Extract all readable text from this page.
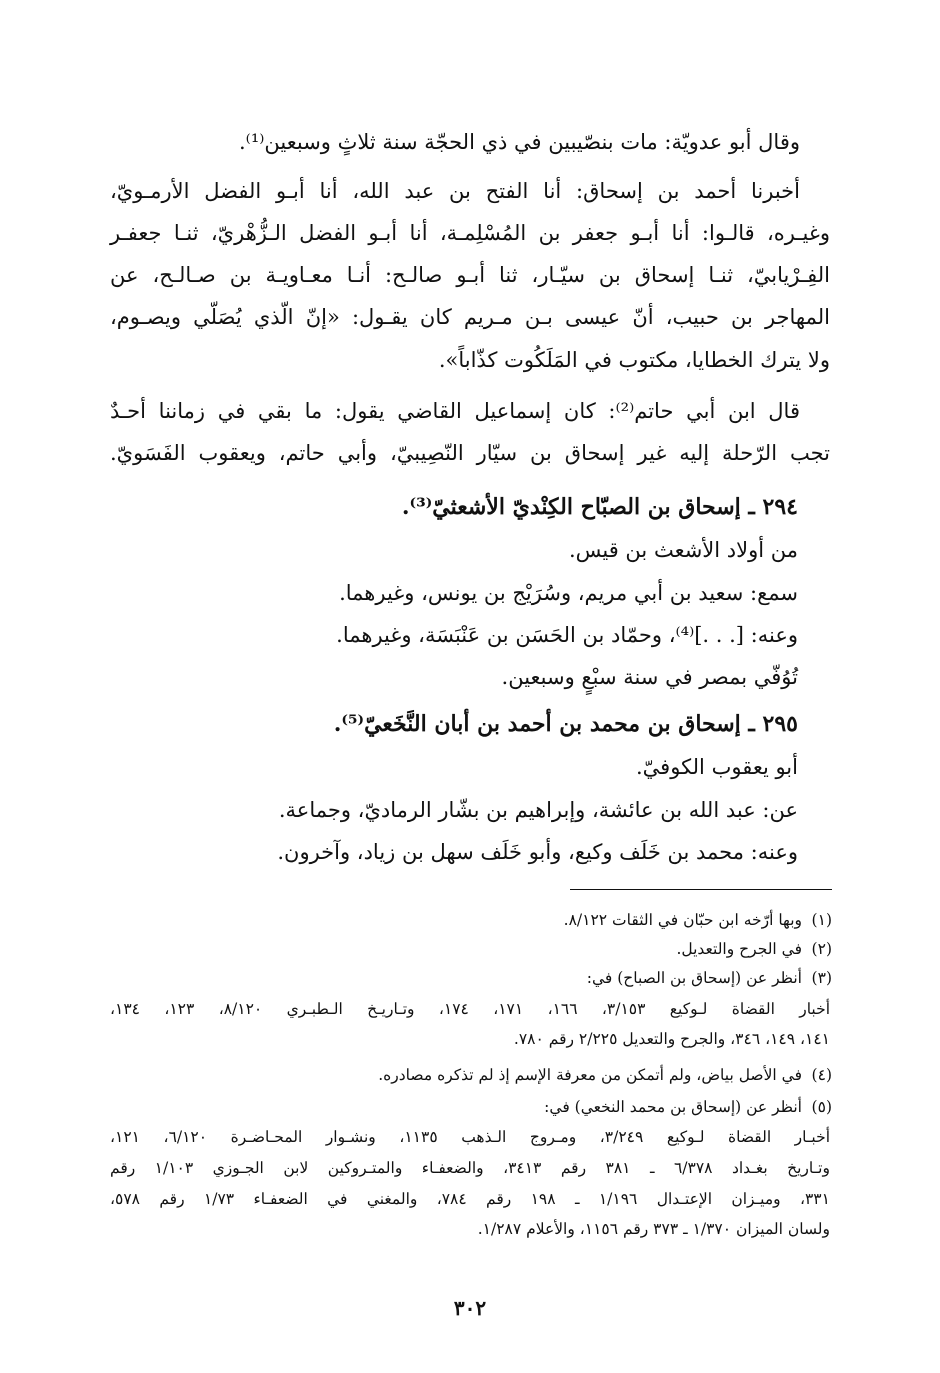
وقال أبو عدويّة: مات بنصّيبين في ذي الحجّة سنة ثلاثٍ وسبعين⁽¹⁾.
أخبرنا أحمد بن إسحاق: أنا الفتح بن عبد الله، أنا أبـو الفضل الأرمـويّ،
وغيـره، قالـوا: أنا أبـو جعفر بن المُسْلِمـة، أنا أبـو الفضل الـزُّهْريّ، ثنـا جعفـر
الفِـرْيابيّ، ثنـا إسحاق بن سيّـار، ثنا أبـو صالـح: أنـا معـاويـة بن صـالـح، عن
المهاجر بن حبيب، أنّ عيسى بـن مـريم كان يقـول: «إنّ الّذي يُصَلّي ويصـوم،
ولا يترك الخطايا، مكتوب في المَلَكُوت كذّاباً».
قال ابن أبي حاتم⁽²⁾: كان إسماعيل القاضي يقول: ما بقي في زماننا أحـدٌ
تجب الرّحلة إليه غير إسحاق بن سيّار النّصِيبيّ، وأبي حاتم، ويعقوب الفَسَويّ.
٢٩٤ ـ إسحاق بن الصبّاح الكِنْديّ الأشعثيّ⁽³⁾.
من أولاد الأشعث بن قيس.
سمع: سعيد بن أبي مريم، وسُرَيْج بن يونس، وغيرهما.
وعنه: [. . .]⁽⁴⁾، وحمّاد بن الحَسَن بن عَنْبَسَة، وغيرهما.
تُوُفّي بمصر في سنة سبْعٍ وسبعين.
٢٩٥ ـ إسحاق بن محمد بن أحمد بن أبان النَّخَعيّ⁽⁵⁾.
أبو يعقوب الكوفيّ.
عن: عبد الله بن عائشة، وإبراهيم بن بشّار الرماديّ، وجماعة.
وعنه: محمد بن خَلَف وكيع، وأبو خَلَف سهل بن زياد، وآخرون.
(١)وبها أرّخه ابن حبّان في الثقات ٨/١٢٢.
(٢)في الجرح والتعديل.
(٣)أنظر عن (إسحاق بن الصباح) في:
أخبار القضاة لـوكيع ٣/١٥٣، ١٦٦، ١٧١، ١٧٤، وتـاريـخ الـطبـري ٨/١٢٠، ١٢٣، ١٣٤،
١٤١، ١٤٩، ٣٤٦، والجرح والتعديل ٢/٢٢٥ رقم ٧٨٠.
(٤)في الأصل بياض، ولم أتمكن من معرفة الإسم إذ لم تذكره مصادره.
(٥)أنظر عن (إسحاق بن محمد النخعي) في:
أخبـار القضاة لـوكيع ٣/٢٤٩، ومـروج الـذهب ١١٣٥، ونشـوار المحـاضـرة ٦/١٢٠، ١٢١،
وتـاريخ بغـداد ٦/٣٧٨ ـ ٣٨١ رقم ٣٤١٣، والضعفـاء والمتـروكين لابن الجـوزي ١/١٠٣ رقم
٣٣١، وميـزان الإعتـدال ١/١٩٦ ـ ١٩٨ رقم ٧٨٤، والمغني في الضعفـاء ١/٧٣ رقم ٥٧٨،
ولسان الميزان ١/٣٧٠ ـ ٣٧٣ رقم ١١٥٦، والأعلام ١/٢٨٧.
٣٠٢
